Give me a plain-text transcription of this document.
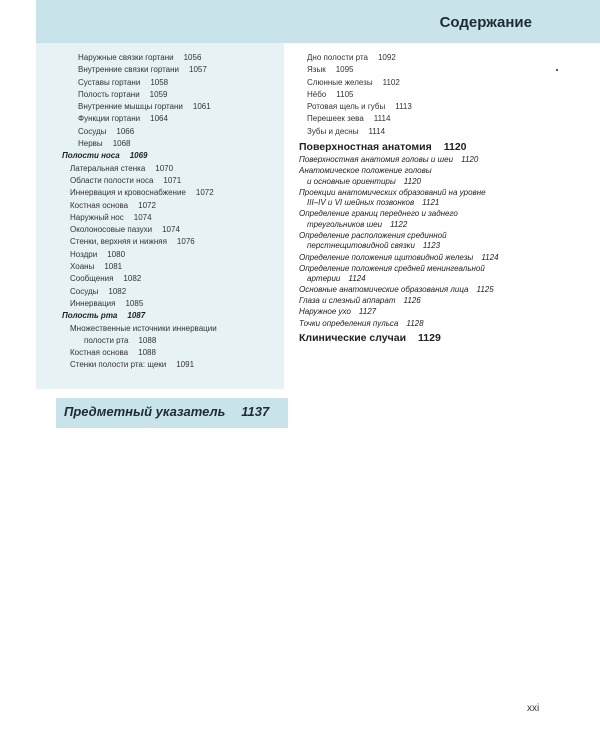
Содержание
Наружные связки гортани 1056
Внутренние связки гортани 1057
Суставы гортани 1058
Полость гортани 1059
Внутренние мышцы гортани 1061
Функции гортани 1064
Сосуды 1066
Нервы 1068
Полости носа 1069
Латеральная стенка 1070
Области полости носа 1071
Иннервация и кровоснабжение 1072
Костная основа 1072
Наружный нос 1074
Околоносовые пазухи 1074
Стенки, верхняя и нижняя 1076
Ноздри 1080
Хоаны 1081
Сообщения 1082
Сосуды 1082
Иннервация 1085
Полость рта 1087
Множественные источники иннервации
полости рта 1088
Костная основа 1088
Стенки полости рта: щеки 1091
Дно полости рта 1092
Язык 1095
Слюнные железы 1102
Нёбо 1105
Ротовая щель и губы 1113
Перешеек зева 1114
Зубы и десны 1114
Поверхностная анатомия 1120
Поверхностная анатомия головы и шеи 1120
Анатомическое положение головы
и основные ориентиры 1120
Проекции анатомических образований на уровне
III–IV и VI шейных позвонков 1121
Определение границ переднего и заднего
треугольников шеи 1122
Определение расположения срединной
перстнещитовидной связки 1123
Определение положения щитовидной железы 1124
Определение положения средней менингеальной
артерии 1124
Основные анатомические образования лица 1125
Глаза и слезный аппарат 1126
Наружное ухо 1127
Точки определения пульса 1128
Клинические случаи 1129
Предметный указатель 1137
xxi
